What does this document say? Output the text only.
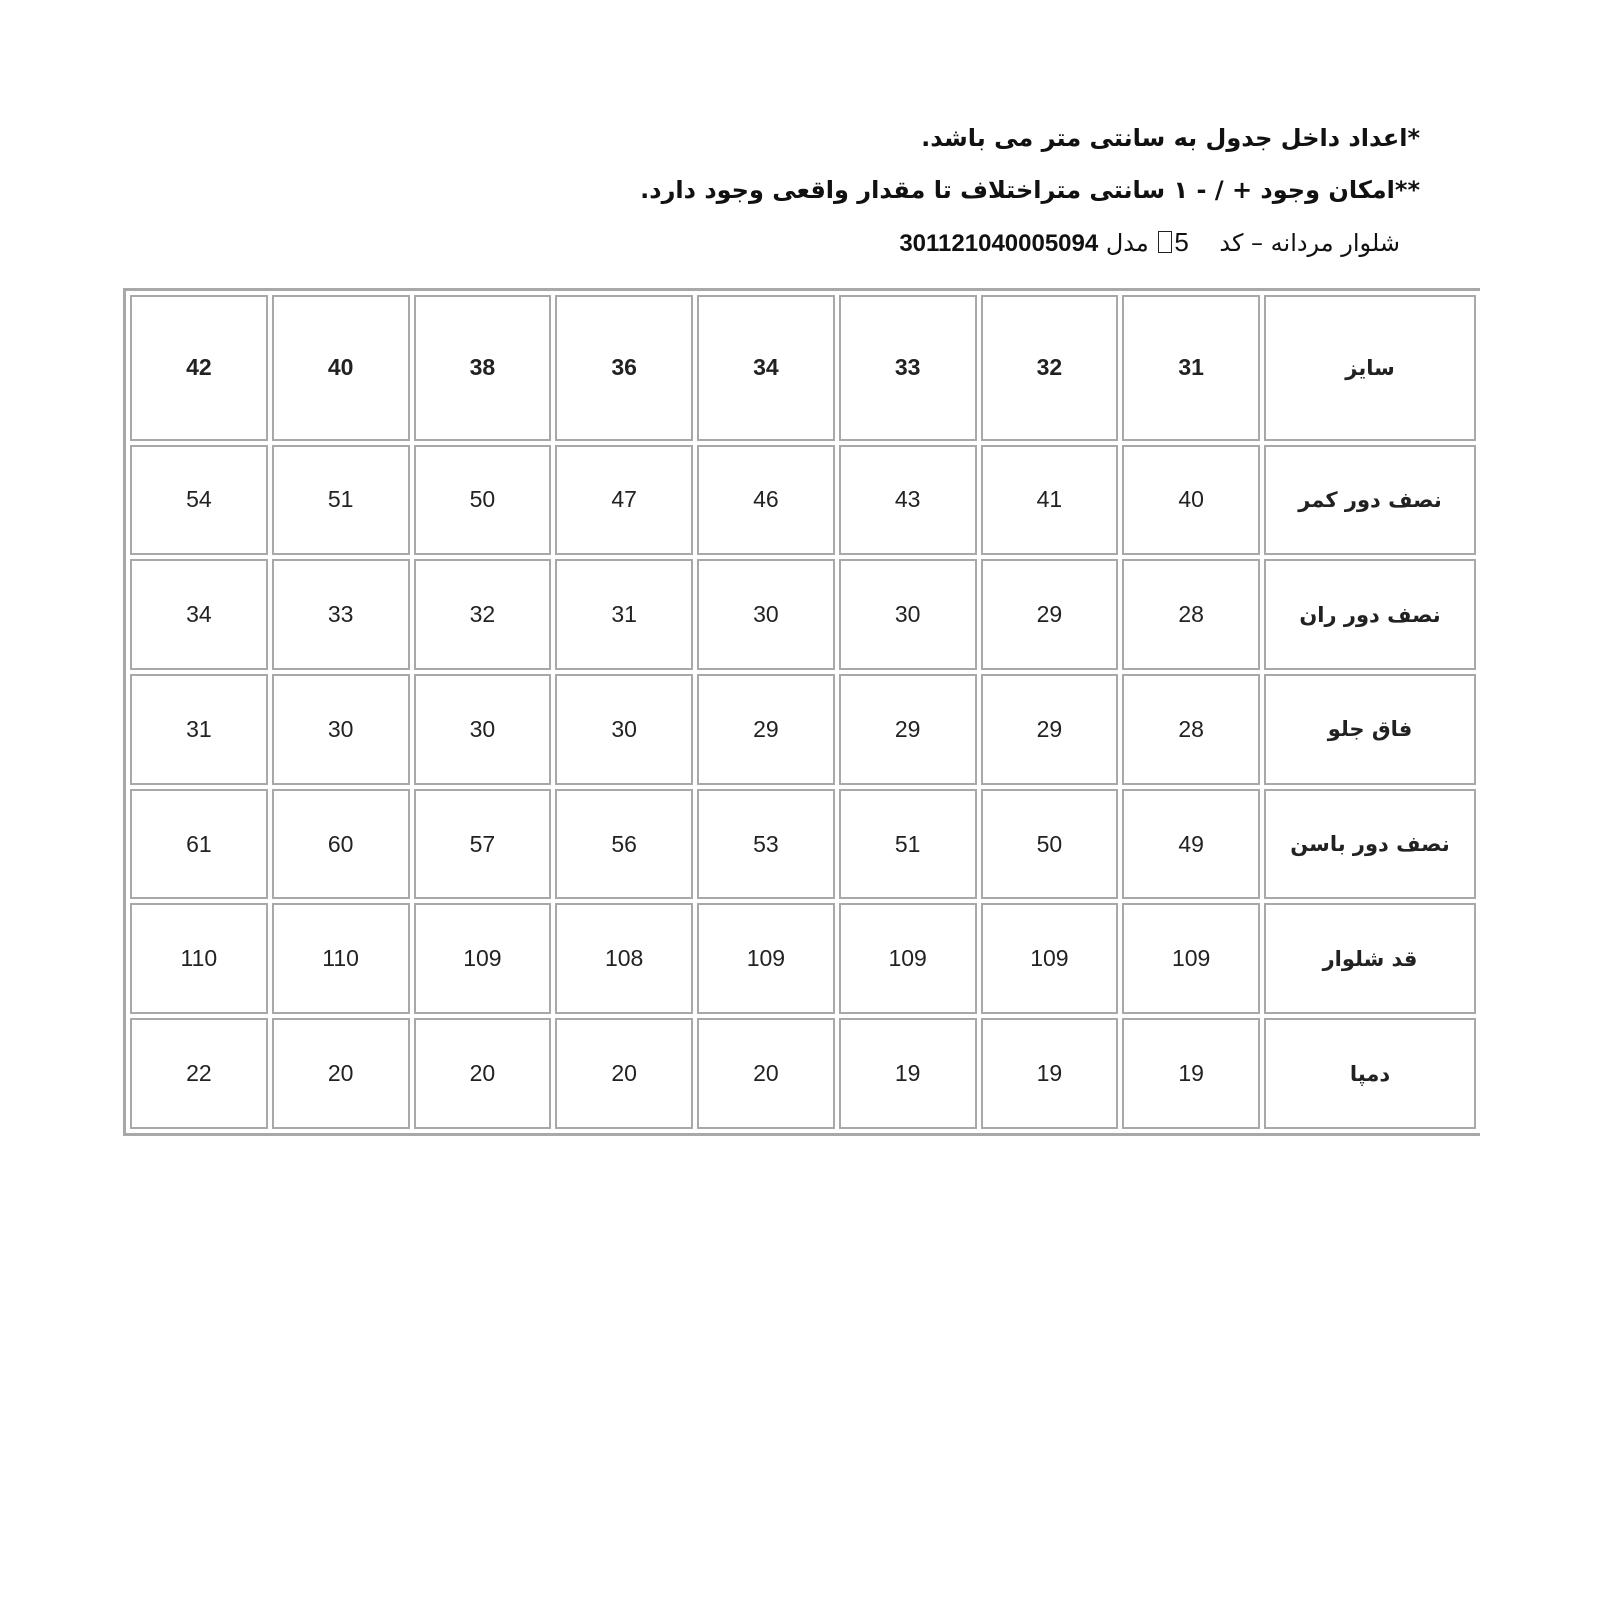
*اعداد داخل جدول به سانتی متر می باشد.
**امکان وجود + / - ۱ سانتی متراختلاف تا مقدار واقعی وجود دارد.
شلوار مردانه – کد    5 مدل 301121040005094
سایز	31	32	33	34	36	38	40	42
نصف دور کمر	40	41	43	46	47	50	51	54
نصف دور ران	28	29	30	30	31	32	33	34
فاق جلو	28	29	29	29	30	30	30	31
نصف دور باسن	49	50	51	53	56	57	60	61
قد شلوار	109	109	109	109	108	109	110	110
دمپا	19	19	19	20	20	20	20	22
